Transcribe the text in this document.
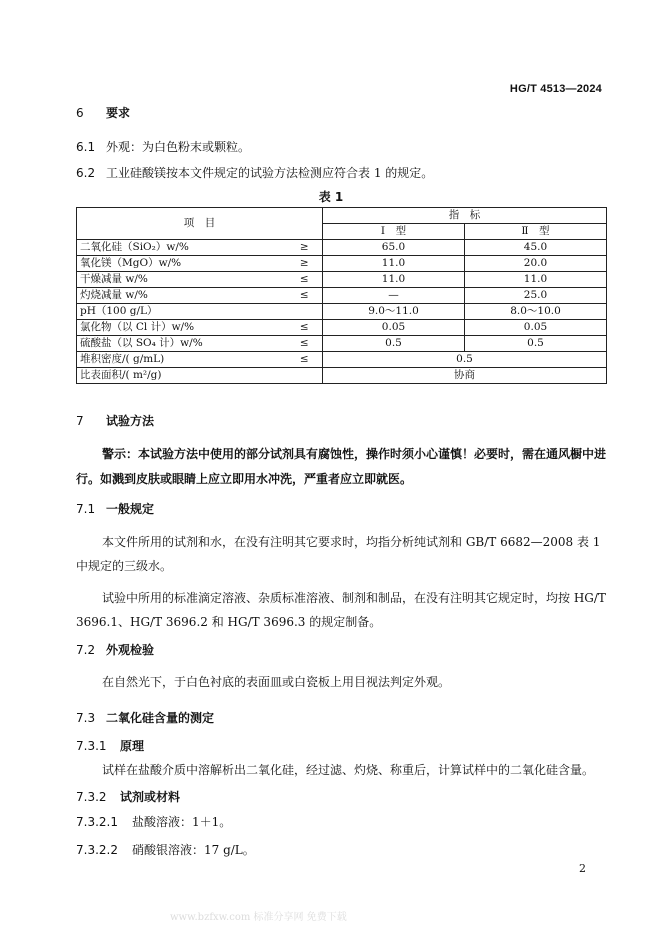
HG/T 4513—2024
6 要求
6.1 外观：为白色粉末或颗粒。
6.2 工业硅酸镁按本文件规定的试验方法检测应符合表 1 的规定。
表 1
项　目		指　标	
		Ⅰ　型	Ⅱ　型
二氧化硅（SiO₂）w/%	≥	65.0	45.0
氧化镁（MgO）w/%	≥	11.0	20.0
干燥减量 w/%	≤	11.0	11.0
灼烧减量 w/%	≤	—	25.0
pH（100 g/L）		9.0～11.0	8.0～10.0
氯化物（以 Cl 计）w/%	≤	0.05	0.05
硫酸盐（以 SO₄ 计）w/%	≤	0.5	0.5
堆积密度/( g/mL)	≤	0.5	
比表面积/( m²/g)		协商	
7 试验方法
警示：本试验方法中使用的部分试剂具有腐蚀性，操作时须小心谨慎！必要时，需在通风橱中进行。如溅到皮肤或眼睛上应立即用水冲洗，严重者应立即就医。
7.1 一般规定
本文件所用的试剂和水，在没有注明其它要求时，均指分析纯试剂和 GB/T 6682—2008 表 1 中规定的三级水。
试验中所用的标准滴定溶液、杂质标准溶液、制剂和制品，在没有注明其它规定时，均按 HG/T 3696.1、HG/T 3696.2 和 HG/T 3696.3 的规定制备。
7.2 外观检验
在自然光下，于白色衬底的表面皿或白瓷板上用目视法判定外观。
7.3 二氧化硅含量的测定
7.3.1 原理
试样在盐酸介质中溶解析出二氧化硅，经过滤、灼烧、称重后，计算试样中的二氧化硅含量。
7.3.2 试剂或材料
7.3.2.1 盐酸溶液：1＋1。
7.3.2.2 硝酸银溶液：17 g/L。
2
www.bzfxw.com 标准分享网 免费下载
